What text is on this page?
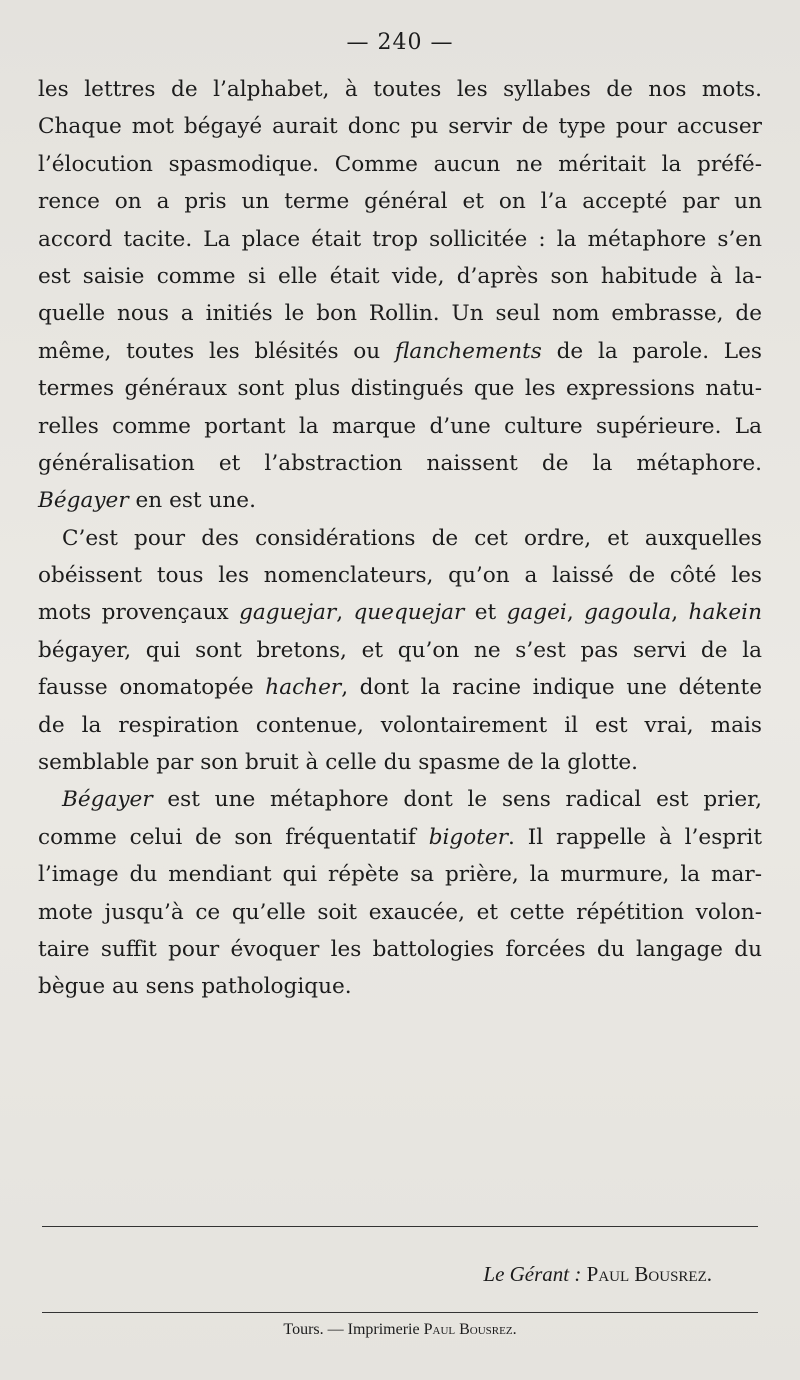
— 240 —
les lettres de l’alphabet, à toutes les syllabes de nos mots.
Chaque mot bégayé aurait donc pu servir de type pour accuser
l’élocution spasmodique. Comme aucun ne méritait la préfé-
rence on a pris un terme général et on l’a accepté par un
accord tacite. La place était trop sollicitée : la métaphore s’en
est saisie comme si elle était vide, d’après son habitude à la-
quelle nous a initiés le bon Rollin. Un seul nom embrasse, de
même, toutes les blésités ou flanchements de la parole. Les
termes généraux sont plus distingués que les expressions natu-
relles comme portant la marque d’une culture supérieure. La
généralisation et l’abstraction naissent de la métaphore.
Bégayer en est une.
C’est pour des considérations de cet ordre, et auxquelles
obéissent tous les nomenclateurs, qu’on a laissé de côté les
mots provençaux gaguejar, quequejar et gagei, gagoula, hakein
bégayer, qui sont bretons, et qu’on ne s’est pas servi de la
fausse onomatopée hacher, dont la racine indique une détente
de la respiration contenue, volontairement il est vrai, mais
semblable par son bruit à celle du spasme de la glotte.
Bégayer est une métaphore dont le sens radical est prier,
comme celui de son fréquentatif bigoter. Il rappelle à l’esprit
l’image du mendiant qui répète sa prière, la murmure, la mar-
mote jusqu’à ce qu’elle soit exaucée, et cette répétition volon-
taire suffit pour évoquer les battologies forcées du langage du
bègue au sens pathologique.
Le Gérant : Paul Bousrez.
Tours. — Imprimerie Paul Bousrez.
